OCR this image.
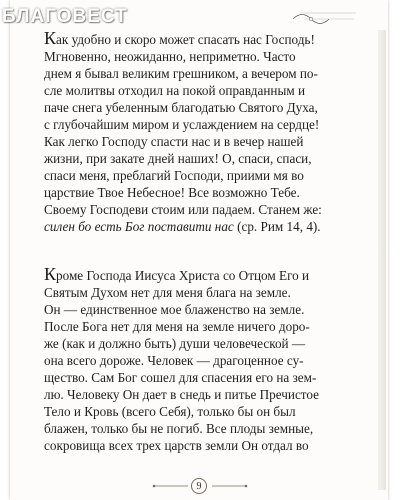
Как удобно и скоро может спасать нас Господь!
Мгновенно, неожиданно, неприметно. Часто
днем я бывал великим грешником, а вечером по-
сле молитвы отходил на покой оправданным и
паче снега убеленным благодатью Святого Духа,
с глубочайшим миром и услаждением на сердце!
Как легко Господу спасти нас и в вечер нашей
жизни, при закате дней наших! О, спаси, спаси,
спаси меня, преблагий Господи, приими мя во
царствие Твое Небесное! Все возможно Тебе.
Своему Господеви стоим или падаем. Станем же:
силен бо есть Бог поставити нас (ср. Рим 14, 4).
Кроме Господа Иисуса Христа со Отцом Его и
Святым Духом нет для меня блага на земле.
Он — единственное мое блаженство на земле.
После Бога нет для меня на земле ничего доро-
же (как и должно быть) души человеческой —
она всего дороже. Человек — драгоценное су-
щество. Сам Бог сошел для спасения его на зем-
лю. Человеку Он дает в снедь и питье Пречистое
Тело и Кровь (всего Себя), только бы он был
блажен, только бы не погиб. Все плоды земные,
сокровища всех трех царств земли Он отдал во
9
БЛАГОВЕСТ
